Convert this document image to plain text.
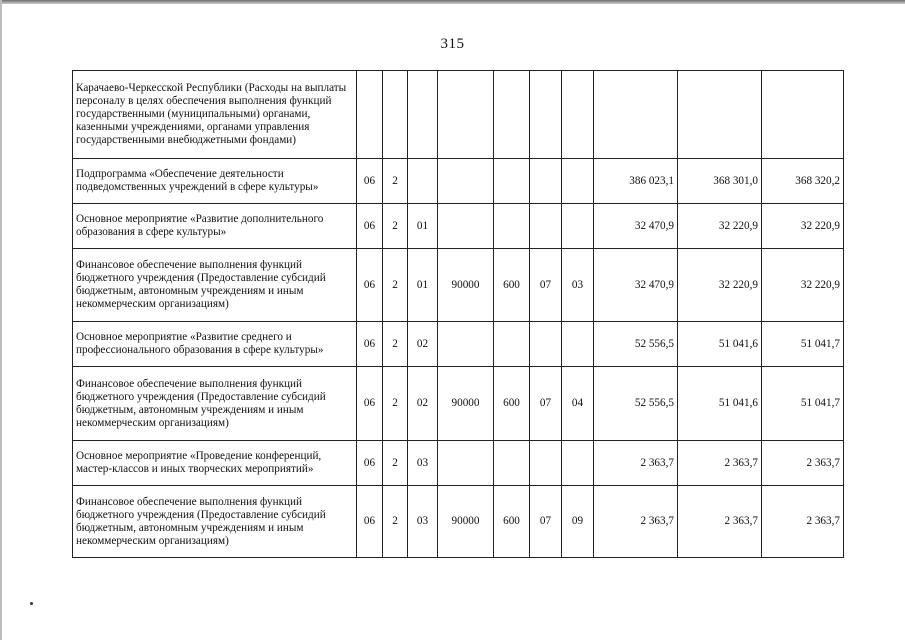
315
Карачаево-Черкесской Республики (Расходы на выплаты персоналу в целях обеспечения выполнения функций государственными (муниципальными) органами, казенными учреждениями, органами управления государственными внебюджетными фондами)										
Подпрограмма «Обеспечение деятельности подведомственных учреждений в сфере культуры»	06	2						386 023,1	368 301,0	368 320,2
Основное мероприятие «Развитие дополнительного образования в сфере культуры»	06	2	01					32 470,9	32 220,9	32 220,9
Финансовое обеспечение выполнения функций бюджетного учреждения (Предоставление субсидий бюджетным, автономным учреждениям и иным некоммерческим организациям)	06	2	01	90000	600	07	03	32 470,9	32 220,9	32 220,9
Основное мероприятие «Развитие среднего и профессионального образования в сфере культуры»	06	2	02					52 556,5	51 041,6	51 041,7
Финансовое обеспечение выполнения функций бюджетного учреждения (Предоставление субсидий бюджетным, автономным учреждениям и иным некоммерческим организациям)	06	2	02	90000	600	07	04	52 556,5	51 041,6	51 041,7
Основное мероприятие «Проведение конференций, мастер-классов и иных творческих мероприятий»	06	2	03					2 363,7	2 363,7	2 363,7
Финансовое обеспечение выполнения функций бюджетного учреждения (Предоставление субсидий бюджетным, автономным учреждениям и иным некоммерческим организациям)	06	2	03	90000	600	07	09	2 363,7	2 363,7	2 363,7
